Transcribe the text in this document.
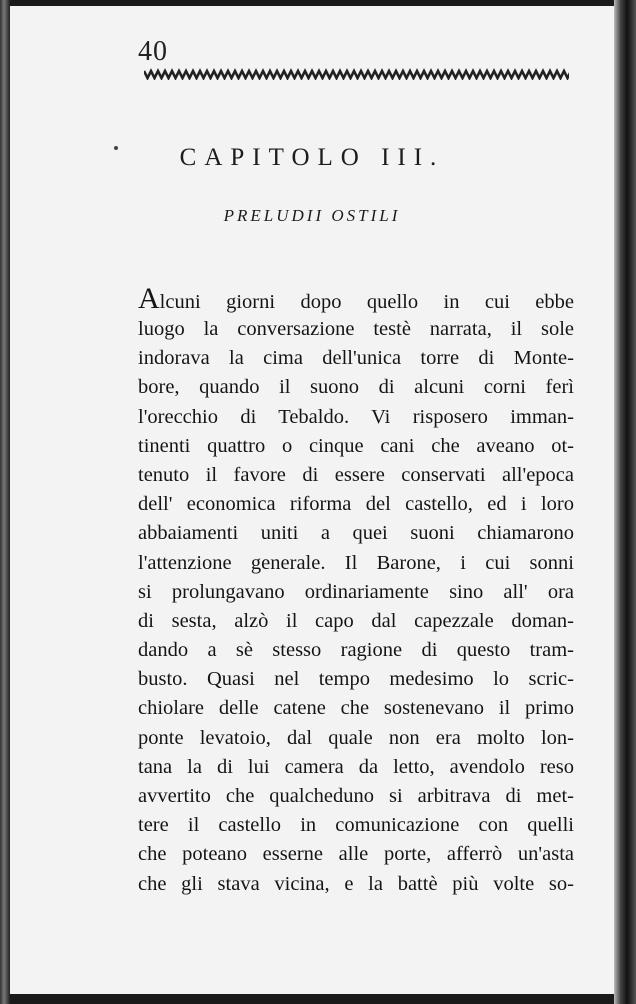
40
CAPITOLO III.
PRELUDII OSTILI
Alcuni giorni dopo quello in cui ebbe
luogo la conversazione testè narrata, il sole
indorava la cima dell'unica torre di Monte-
bore, quando il suono di alcuni corni ferì
l'orecchio di Tebaldo. Vi risposero imman-
tinenti quattro o cinque cani che aveano ot-
tenuto il favore di essere conservati all'epoca
dell' economica riforma del castello, ed i loro
abbaiamenti uniti a quei suoni chiamarono
l'attenzione generale. Il Barone, i cui sonni
si prolungavano ordinariamente sino all' ora
di sesta, alzò il capo dal capezzale doman-
dando a sè stesso ragione di questo tram-
busto. Quasi nel tempo medesimo lo scric-
chiolare delle catene che sostenevano il primo
ponte levatoio, dal quale non era molto lon-
tana la di lui camera da letto, avendolo reso
avvertito che qualcheduno si arbitrava di met-
tere il castello in comunicazione con quelli
che poteano esserne alle porte, afferrò un'asta
che gli stava vicina, e la battè più volte so-
